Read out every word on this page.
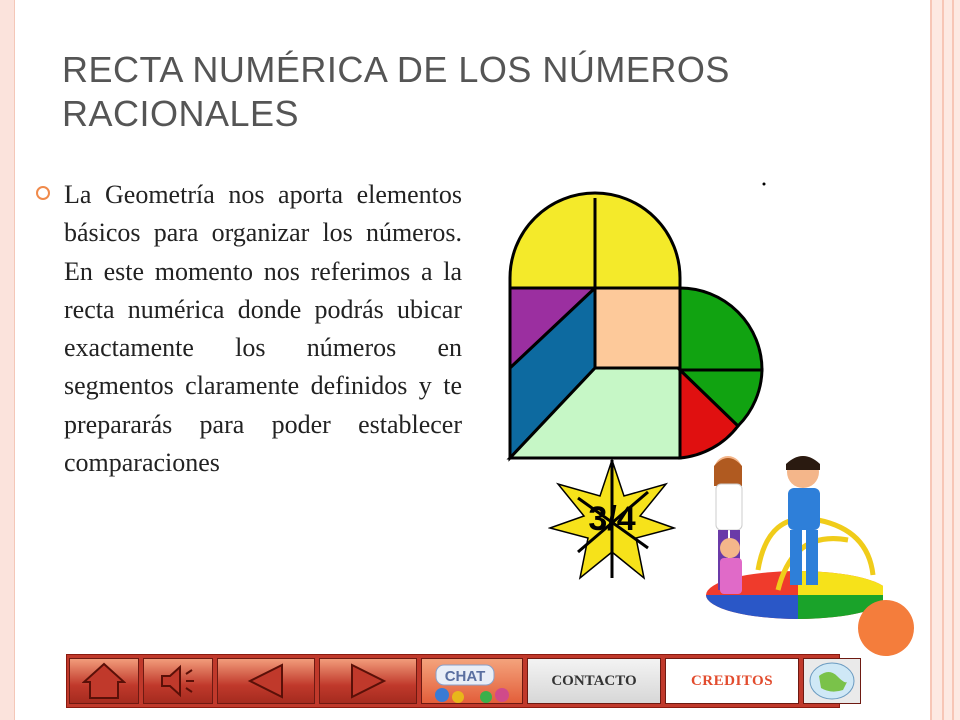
RECTA NUMÉRICA DE LOS NÚMEROS RACIONALES
La Geometría nos aporta elementos básicos para organizar los números. En este momento nos referimos a la recta numérica donde podrás ubicar exactamente los números en segmentos claramente definidos y te prepararás para poder establecer comparaciones
3/4
CHAT	CONTACTO	CREDITOS
